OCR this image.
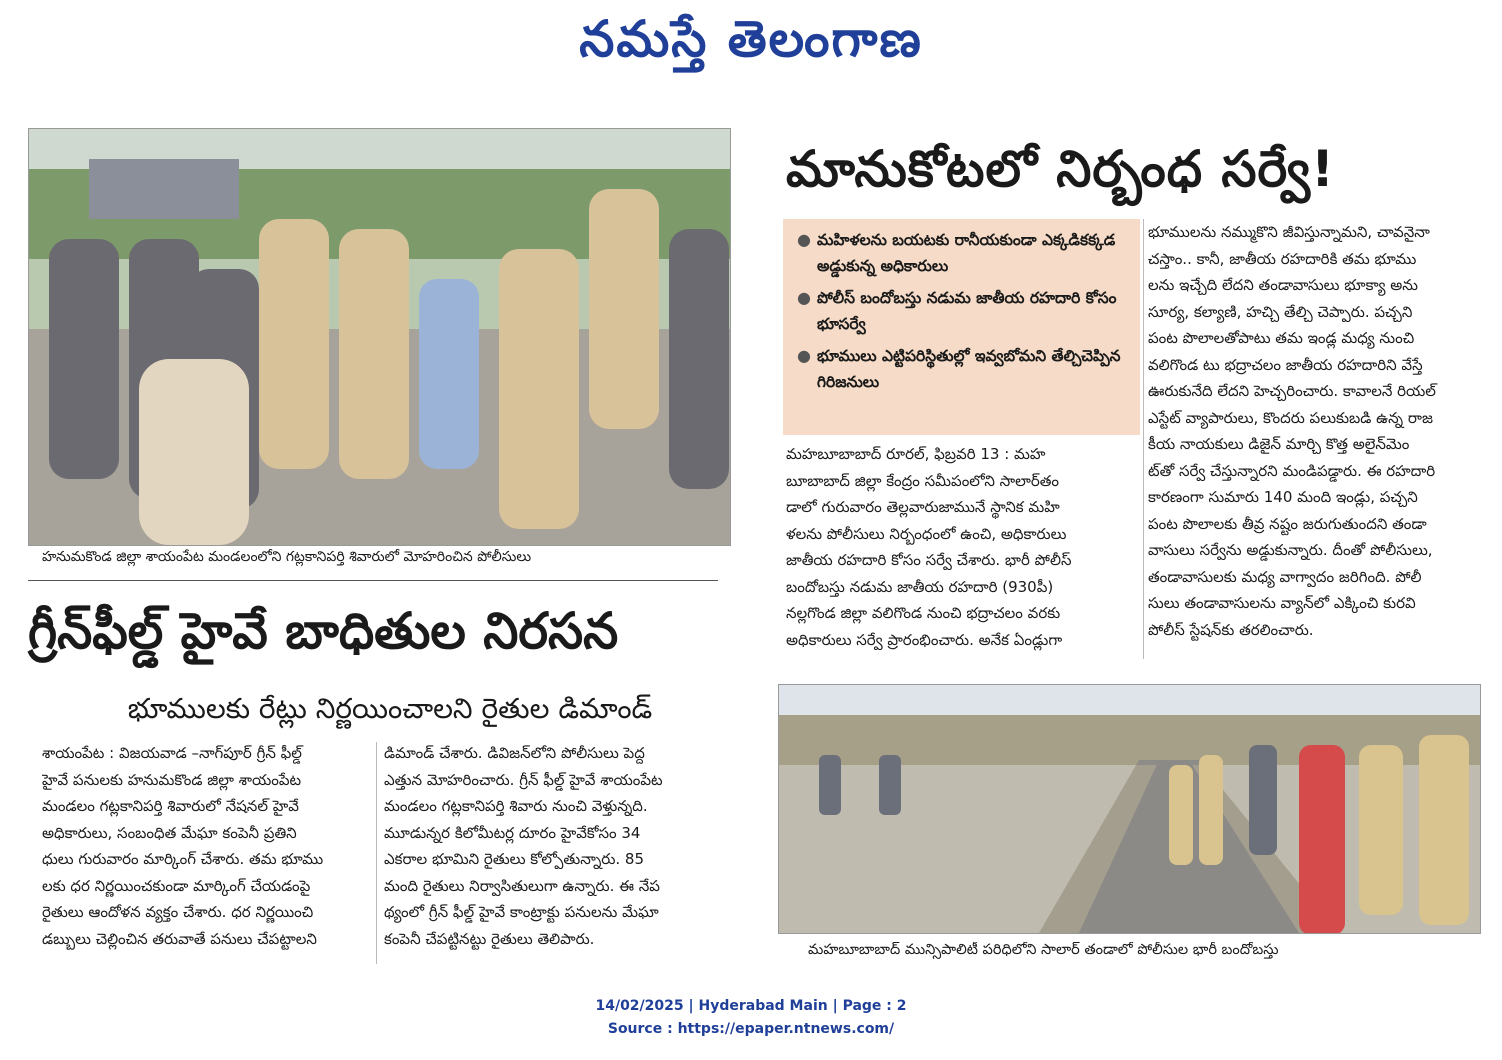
నమస్తే తెలంగాణ
హనుమకొండ జిల్లా శాయంపేట మండలంలోని గట్లకానిపర్తి శివారులో మోహరించిన పోలీసులు
మానుకోటలో నిర్బంధ సర్వే!
● మహిళలను బయటకు రానీయకుండా ఎక్కడికక్కడ అడ్డుకున్న అధికారులు
● పోలీస్ బందోబస్తు నడుమ జాతీయ రహదారి కోసం భూసర్వే
● భూములు ఎట్టిపరిస్థితుల్లో ఇవ్వబోమని తేల్చిచెప్పిన గిరిజనులు

మహబూబాబాద్ రూరల్, ఫిబ్రవరి 13 : మహ

బూబాబాద్ జిల్లా కేంద్రం సమీపంలోని సాలార్‌తం

డాలో గురువారం తెల్లవారుజామునే స్థానిక మహి

ళలను పోలీసులు నిర్బంధంలో ఉంచి, అధికారులు

జాతీయ రహదారి కోసం సర్వే చేశారు. భారీ పోలీస్

బందోబస్తు నడుమ జాతీయ రహదారి (930పీ)

నల్లగొండ జిల్లా వలిగొండ నుంచి భద్రాచలం వరకు

అధికారులు సర్వే ప్రారంభించారు. అనేక ఏండ్లుగా

భూములను నమ్ముకొని జీవిస్తున్నామని, చావనైనా

చస్తాం.. కానీ, జాతీయ రహదారికి తమ భూము

లను ఇచ్చేది లేదని తండావాసులు భూక్యా అను

సూర్య, కల్యాణి, హచ్చి తేల్చి చెప్పారు. పచ్చని

పంట పొలాలతోపాటు తమ ఇండ్ల మధ్య నుంచి

వలిగొండ టు భద్రాచలం జాతీయ రహదారిని వేస్తే

ఊరుకునేది లేదని హెచ్చరించారు. కావాలనే రియల్

ఎస్టేట్ వ్యాపారులు, కొందరు పలుకుబడి ఉన్న రాజ

కీయ నాయకులు డిజైన్ మార్చి కొత్త అలైన్‌మెం

ట్‌తో సర్వే చేస్తున్నారని మండిపడ్డారు. ఈ రహదారి

కారణంగా సుమారు 140 మంది ఇండ్లు, పచ్చని

పంట పొలాలకు తీవ్ర నష్టం జరుగుతుందని తండా

వాసులు సర్వేను అడ్డుకున్నారు. దీంతో పోలీసులు,

తండావాసులకు మధ్య వాగ్వాదం జరిగింది. పోలీ

సులు తండావాసులను వ్యాన్‌లో ఎక్కించి కురవి

పోలీస్ స్టేషన్‌కు తరలించారు.

గ్రీన్‌ఫీల్డ్ హైవే బాధితుల నిరసన
భూములకు రేట్లు నిర్ణయించాలని రైతుల డిమాండ్

శాయంపేట : విజయవాడ –నాగ్‌పూర్ గ్రీన్ ఫీల్డ్

హైవే పనులకు హనుమకొండ జిల్లా శాయంపేట

మండలం గట్లకానిపర్తి శివారులో నేషనల్ హైవే

అధికారులు, సంబంధిత మేఘా కంపెనీ ప్రతిని

ధులు గురువారం మార్కింగ్ చేశారు. తమ భూము

లకు ధర నిర్ణయించకుండా మార్కింగ్ చేయడంపై

రైతులు ఆందోళన వ్యక్తం చేశారు. ధర నిర్ణయించి

డబ్బులు చెల్లించిన తరువాతే పనులు చేపట్టాలని

డిమాండ్ చేశారు. డివిజన్‌లోని పోలీసులు పెద్ద

ఎత్తున మోహరించారు. గ్రీన్ ఫీల్డ్ హైవే శాయంపేట

మండలం గట్లకానిపర్తి శివారు నుంచి వెళ్తున్నది.

మూడున్నర కిలోమీటర్ల దూరం హైవేకోసం 34

ఎకరాల భూమిని రైతులు కోల్పోతున్నారు. 85

మంది రైతులు నిర్వాసితులుగా ఉన్నారు. ఈ నేప

థ్యంలో గ్రీన్ ఫీల్డ్ హైవే కాంట్రాక్టు పనులను మేఘా

కంపెనీ చేపట్టినట్టు రైతులు తెలిపారు.

మహబూబాబాద్ మున్సిపాలిటీ పరిధిలోని సాలార్ తండాలో పోలీసుల భారీ బందోబస్తు
14/02/2025 | Hyderabad Main | Page : 2
Source : https://epaper.ntnews.com/
